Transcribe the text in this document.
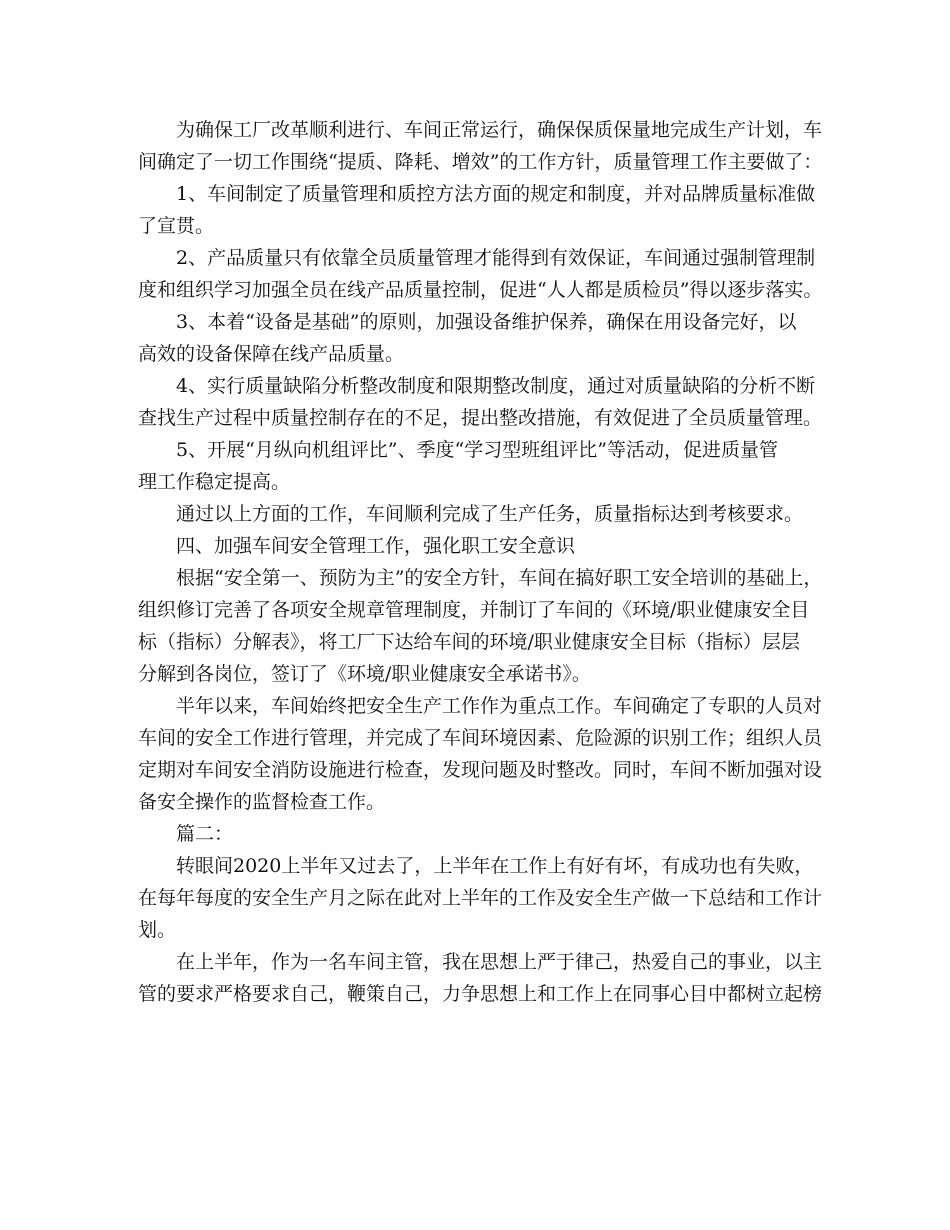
为确保工厂改革顺利进行、车间正常运行，确保保质保量地完成生产计划，车
间确定了一切工作围绕“提质、降耗、增效”的工作方针，质量管理工作主要做了：
1、车间制定了质量管理和质控方法方面的规定和制度，并对品牌质量标准做
了宣贯。
2、产品质量只有依靠全员质量管理才能得到有效保证，车间通过强制管理制
度和组织学习加强全员在线产品质量控制，促进“人人都是质检员”得以逐步落实。
3、本着“设备是基础”的原则，加强设备维护保养，确保在用设备完好，以
高效的设备保障在线产品质量。
4、实行质量缺陷分析整改制度和限期整改制度，通过对质量缺陷的分析不断
查找生产过程中质量控制存在的不足，提出整改措施，有效促进了全员质量管理。
5、开展“月纵向机组评比”、季度“学习型班组评比”等活动，促进质量管
理工作稳定提高。
通过以上方面的工作，车间顺利完成了生产任务，质量指标达到考核要求。
四、加强车间安全管理工作，强化职工安全意识
根据“安全第一、预防为主”的安全方针，车间在搞好职工安全培训的基础上，
组织修订完善了各项安全规章管理制度，并制订了车间的《环境/职业健康安全目
标（指标）分解表》，将工厂下达给车间的环境/职业健康安全目标（指标）层层
分解到各岗位，签订了《环境/职业健康安全承诺书》。
半年以来，车间始终把安全生产工作作为重点工作。车间确定了专职的人员对
车间的安全工作进行管理，并完成了车间环境因素、危险源的识别工作；组织人员
定期对车间安全消防设施进行检查，发现问题及时整改。同时，车间不断加强对设
备安全操作的监督检查工作。
篇二：
转眼间2020上半年又过去了，上半年在工作上有好有坏，有成功也有失败，
在每年每度的安全生产月之际在此对上半年的工作及安全生产做一下总结和工作计
划。
在上半年，作为一名车间主管，我在思想上严于律己，热爱自己的事业，以主
管的要求严格要求自己，鞭策自己，力争思想上和工作上在同事心目中都树立起榜
